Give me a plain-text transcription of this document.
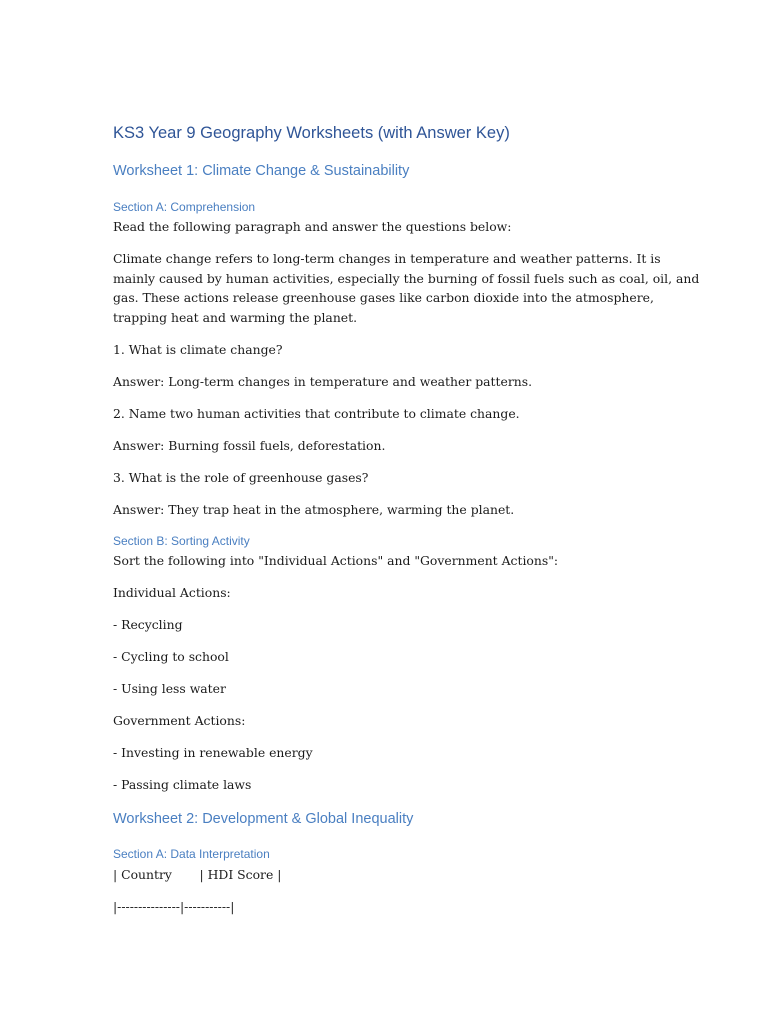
KS3 Year 9 Geography Worksheets (with Answer Key)
Worksheet 1: Climate Change & Sustainability
Section A: Comprehension

Read the following paragraph and answer the questions below:

Climate change refers to long-term changes in temperature and weather patterns. It is
mainly caused by human activities, especially the burning of fossil fuels such as coal, oil, and
gas. These actions release greenhouse gases like carbon dioxide into the atmosphere,
trapping heat and warming the planet.

1. What is climate change?

Answer: Long-term changes in temperature and weather patterns.

2. Name two human activities that contribute to climate change.

Answer: Burning fossil fuels, deforestation.

3. What is the role of greenhouse gases?

Answer: They trap heat in the atmosphere, warming the planet.

Section B: Sorting Activity

Sort the following into "Individual Actions" and "Government Actions":

Individual Actions:

- Recycling

- Cycling to school

- Using less water

Government Actions:

- Investing in renewable energy

- Passing climate laws

Worksheet 2: Development & Global Inequality
Section A: Data Interpretation

| Country       | HDI Score |

|---------------|-----------|
